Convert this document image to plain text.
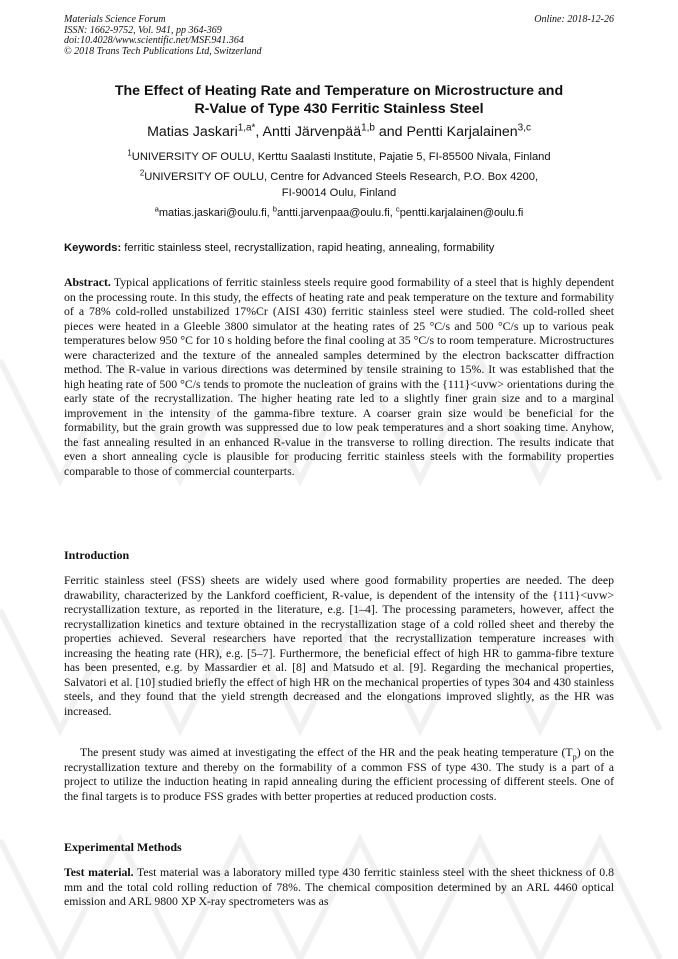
Materials Science Forum
ISSN: 1662-9752, Vol. 941, pp 364-369
doi:10.4028/www.scientific.net/MSF.941.364
© 2018 Trans Tech Publications Ltd, Switzerland
Online: 2018-12-26
The Effect of Heating Rate and Temperature on Microstructure and
R-Value of Type 430 Ferritic Stainless Steel
Matias Jaskari$^{1,a*}$, Antti Järvenpää$^{1,b}$ and Pentti Karjalainen$^{3,c}$
$^1$UNIVERSITY OF OULU, Kerttu Saalasti Institute, Pajatie 5, FI-85500 Nivala, Finland
$^2$UNIVERSITY OF OULU, Centre for Advanced Steels Research, P.O. Box 4200,
FI-90014 Oulu, Finland
$^a$matias.jaskari@oulu.fi, $^b$antti.jarvenpaa@oulu.fi, $^c$pentti.karjalainen@oulu.fi
Keywords: ferritic stainless steel, recrystallization, rapid heating, annealing, formability
Abstract. Typical applications of ferritic stainless steels require good formability of a steel that is highly dependent on the processing route. In this study, the effects of heating rate and peak temperature on the texture and formability of a 78% cold-rolled unstabilized 17%Cr (AISI 430) ferritic stainless steel were studied. The cold-rolled sheet pieces were heated in a Gleeble 3800 simulator at the heating rates of 25 °C/s and 500 °C/s up to various peak temperatures below 950 °C for 10 s holding before the final cooling at 35 °C/s to room temperature. Microstructures were characterized and the texture of the annealed samples determined by the electron backscatter diffraction method. The R-value in various directions was determined by tensile straining to 15%. It was established that the high heating rate of 500 °C/s tends to promote the nucleation of grains with the {111}<uvw> orientations during the early state of the recrystallization. The higher heating rate led to a slightly finer grain size and to a marginal improvement in the intensity of the gamma-fibre texture. A coarser grain size would be beneficial for the formability, but the grain growth was suppressed due to low peak temperatures and a short soaking time. Anyhow, the fast annealing resulted in an enhanced R-value in the transverse to rolling direction. The results indicate that even a short annealing cycle is plausible for producing ferritic stainless steels with the formability properties comparable to those of commercial counterparts.
Introduction
Ferritic stainless steel (FSS) sheets are widely used where good formability properties are needed. The deep drawability, characterized by the Lankford coefficient, R-value, is dependent of the intensity of the {111}<uvw> recrystallization texture, as reported in the literature, e.g. [1–4]. The processing parameters, however, affect the recrystallization kinetics and texture obtained in the recrystallization stage of a cold rolled sheet and thereby the properties achieved. Several researchers have reported that the recrystallization temperature increases with increasing the heating rate (HR), e.g. [5–7]. Furthermore, the beneficial effect of high HR to gamma-fibre texture has been presented, e.g. by Massardier et al. [8] and Matsudo et al. [9]. Regarding the mechanical properties, Salvatori et al. [10] studied briefly the effect of high HR on the mechanical properties of types 304 and 430 stainless steels, and they found that the yield strength decreased and the elongations improved slightly, as the HR was increased.
The present study was aimed at investigating the effect of the HR and the peak heating temperature $(T_p)$ on the recrystallization texture and thereby on the formability of a common FSS of type 430. The study is a part of a project to utilize the induction heating in rapid annealing during the efficient processing of different steels. One of the final targets is to produce FSS grades with better properties at reduced production costs.
Experimental Methods
Test material. Test material was a laboratory milled type 430 ferritic stainless steel with the sheet thickness of 0.8 mm and the total cold rolling reduction of 78%. The chemical composition determined by an ARL 4460 optical emission and ARL 9800 XP X-ray spectrometers was as
